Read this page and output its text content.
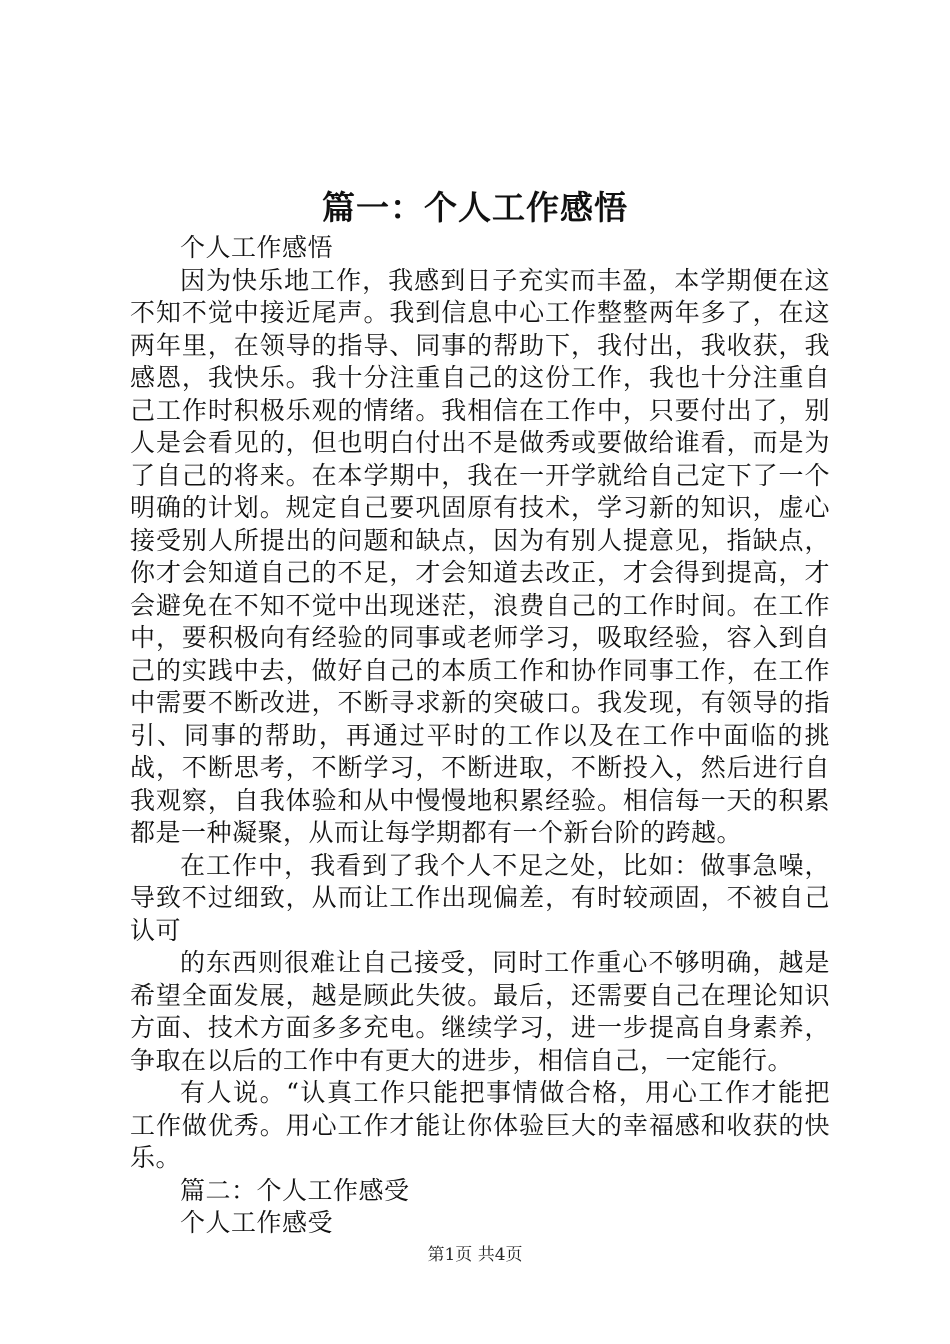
篇一：个人工作感悟

个人工作感悟

因为快乐地工作，我感到日子充实而丰盈，本学期便在这不知不觉中接近尾声。我到信息中心工作整整两年多了，在这两年里，在领导的指导、同事的帮助下，我付出，我收获，我感恩，我快乐。我十分注重自己的这份工作，我也十分注重自己工作时积极乐观的情绪。我相信在工作中，只要付出了，别人是会看见的，但也明白付出不是做秀或要做给谁看，而是为了自己的将来。在本学期中，我在一开学就给自己定下了一个明确的计划。规定自己要巩固原有技术，学习新的知识，虚心接受别人所提出的问题和缺点，因为有别人提意见，指缺点，你才会知道自己的不足，才会知道去改正，才会得到提高，才会避免在不知不觉中出现迷茫，浪费自己的工作时间。在工作中，要积极向有经验的同事或老师学习，吸取经验，容入到自己的实践中去，做好自己的本质工作和协作同事工作，在工作中需要不断改进，不断寻求新的突破口。我发现，有领导的指引、同事的帮助，再通过平时的工作以及在工作中面临的挑战，不断思考，不断学习，不断进取，不断投入，然后进行自我观察，自我体验和从中慢慢地积累经验。相信每一天的积累都是一种凝聚，从而让每学期都有一个新台阶的跨越。

在工作中，我看到了我个人不足之处，比如：做事急噪，导致不过细致，从而让工作出现偏差，有时较顽固，不被自己认可

的东西则很难让自己接受，同时工作重心不够明确，越是希望全面发展，越是顾此失彼。最后，还需要自己在理论知识方面、技术方面多多充电。继续学习，进一步提高自身素养，争取在以后的工作中有更大的进步，相信自己，一定能行。

有人说。“认真工作只能把事情做合格，用心工作才能把工作做优秀。用心工作才能让你体验巨大的幸福感和收获的快乐。

篇二：个人工作感受

个人工作感受

第1页 共4页
